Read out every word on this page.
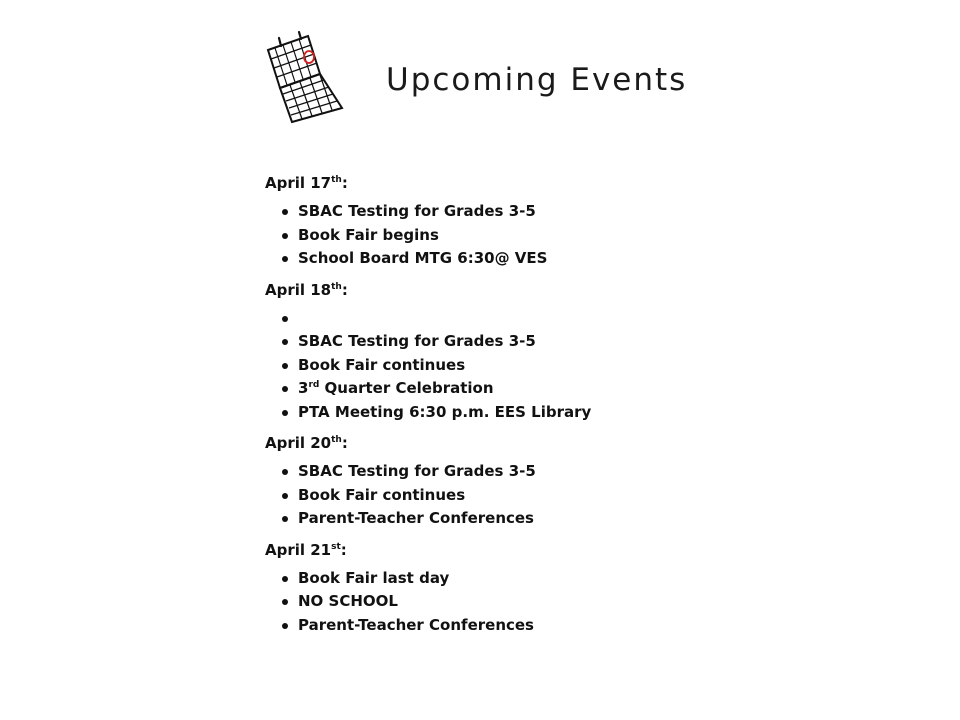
Upcoming Events
April 17th:
SBAC Testing for Grades 3-5
Book Fair begins
School Board MTG 6:30@ VES
April 18th:
SBAC Testing for Grades 3-5
Book Fair continues
3rd Quarter Celebration
PTA Meeting 6:30 p.m. EES Library
April 20th:
SBAC Testing for Grades 3-5
Book Fair continues
Parent-Teacher Conferences
April 21st:
Book Fair last day
NO SCHOOL
Parent-Teacher Conferences
